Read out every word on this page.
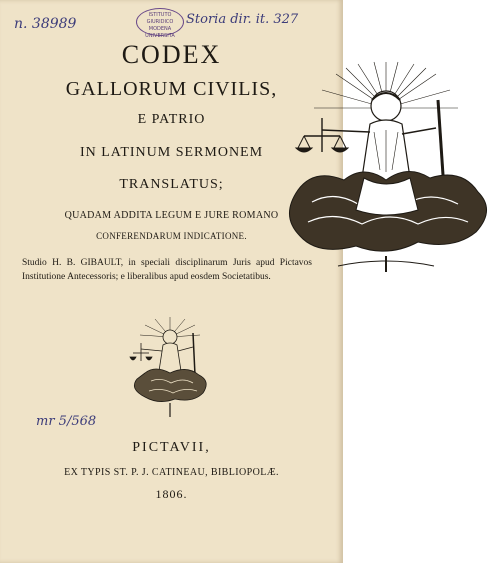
n. 38989
ISTITUTO GIURIDICO
MODENA
UNIVERSITA
Storia dir. it. 327
CODEX
GALLORUM CIVILIS,
E PATRIO
IN LATINUM SERMONEM
TRANSLATUS;
QUADAM ADDITA LEGUM E JURE ROMANO
CONFERENDARUM INDICATIONE.
Studio H. B. GIBAULT, in speciali disciplinarum Juris apud Pictavos Institutione Antecessoris; e liberalibus apud eosdem Societatibus.
mr 5/568
PICTAVII,
EX TYPIS ST. P. J. CATINEAU, BIBLIOPOLÆ.
1806.
